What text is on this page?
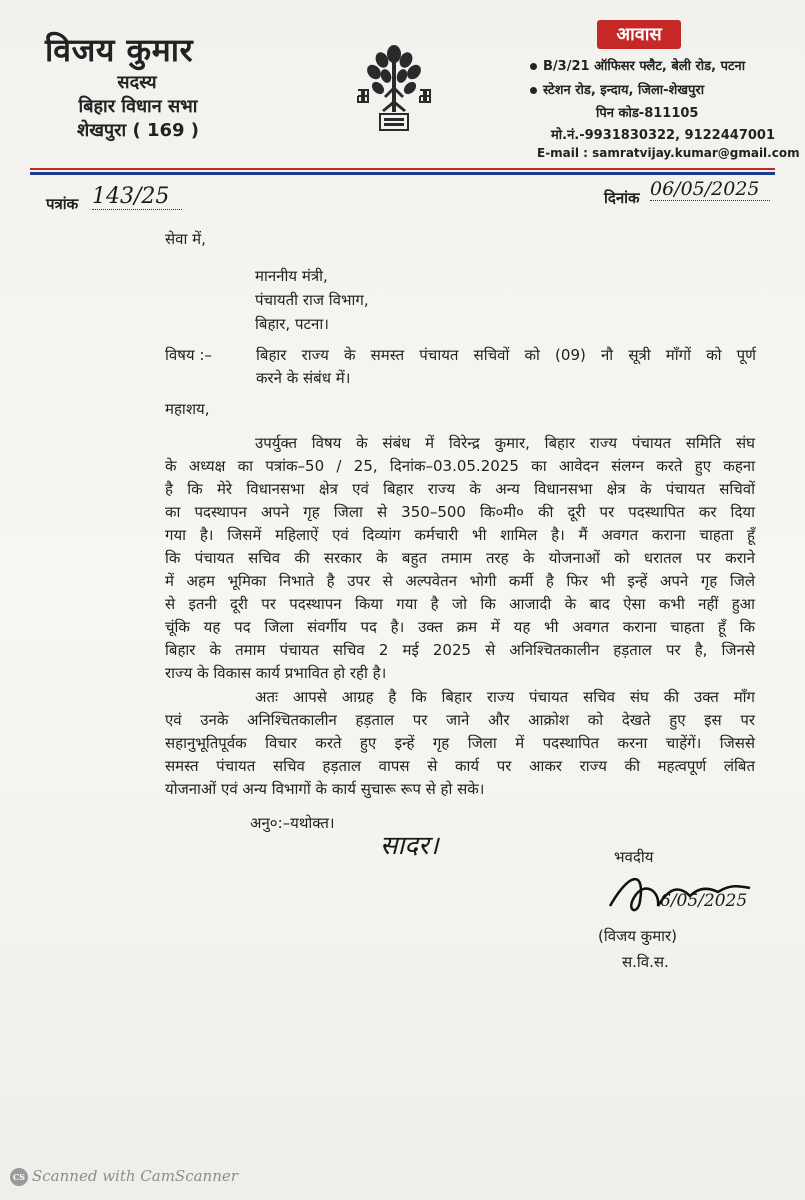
विजय कुमार
सदस्य
बिहार विधान सभा
शेखपुरा ( 169 )
आवास
B/3/21 ऑफिसर फ्लैट, बेली रोड, पटना
स्टेशन रोड, इन्दाय, जिला-शेखपुरा
पिन कोड-811105
मो.नं.-9931830322, 9122447001
E-mail : samratvijay.kumar@gmail.com
पत्रांक 143/25	दिनांक 06/05/2025
सेवा में,
माननीय मंत्री,
पंचायती राज विभाग,
बिहार, पटना।
विषय :–	बिहार राज्य के समस्त पंचायत सचिवों को (09) नौ सूत्री माँगों को पूर्ण
करने के संबंध में।
महाशय,
उपर्युक्त विषय के संबंध में विरेन्द्र कुमार, बिहार राज्य पंचायत समिति संघ
के अध्यक्ष का पत्रांक–50 / 25, दिनांक–03.05.2025 का आवेदन संलग्न करते हुए कहना
है कि मेरे विधानसभा क्षेत्र एवं बिहार राज्य के अन्य विधानसभा क्षेत्र के पंचायत सचिवों
का पदस्थापन अपने गृह जिला से 350–500 कि०मी० की दूरी पर पदस्थापित कर दिया
गया है। जिसमें महिलाऐं एवं दिव्यांग कर्मचारी भी शामिल है। मैं अवगत कराना चाहता हूँ
कि पंचायत सचिव की सरकार के बहुत तमाम तरह के योजनाओं को धरातल पर कराने
में अहम भूमिका निभाते है उपर से अल्पवेतन भोगी कर्मी है फिर भी इन्हें अपने गृह जिले
से इतनी दूरी पर पदस्थापन किया गया है जो कि आजादी के बाद ऐसा कभी नहीं हुआ
चूंकि यह पद जिला संवर्गीय पद है। उक्त क्रम में यह भी अवगत कराना चाहता हूँ कि
बिहार के तमाम पंचायत सचिव 2 मई 2025 से अनिश्चितकालीन हड़ताल पर है, जिनसे
राज्य के विकास कार्य प्रभावित हो रही है।
अतः आपसे आग्रह है कि बिहार राज्य पंचायत सचिव संघ की उक्त माँग
एवं उनके अनिश्चितकालीन हड़ताल पर जाने और आक्रोश को देखते हुए इस पर
सहानुभूतिपूर्वक विचार करते हुए इन्हें गृह जिला में पदस्थापित करना चाहेंगें। जिससे
समस्त पंचायत सचिव हड़ताल वापस से कार्य पर आकर राज्य की महत्वपूर्ण लंबित
योजनाओं एवं अन्य विभागों के कार्य सुचारू रूप से हो सके।
अनु०:–यथोक्त।
सादर।	भवदीय
6/05/2025
(विजय कुमार)
स.वि.स.
CS Scanned with CamScanner
